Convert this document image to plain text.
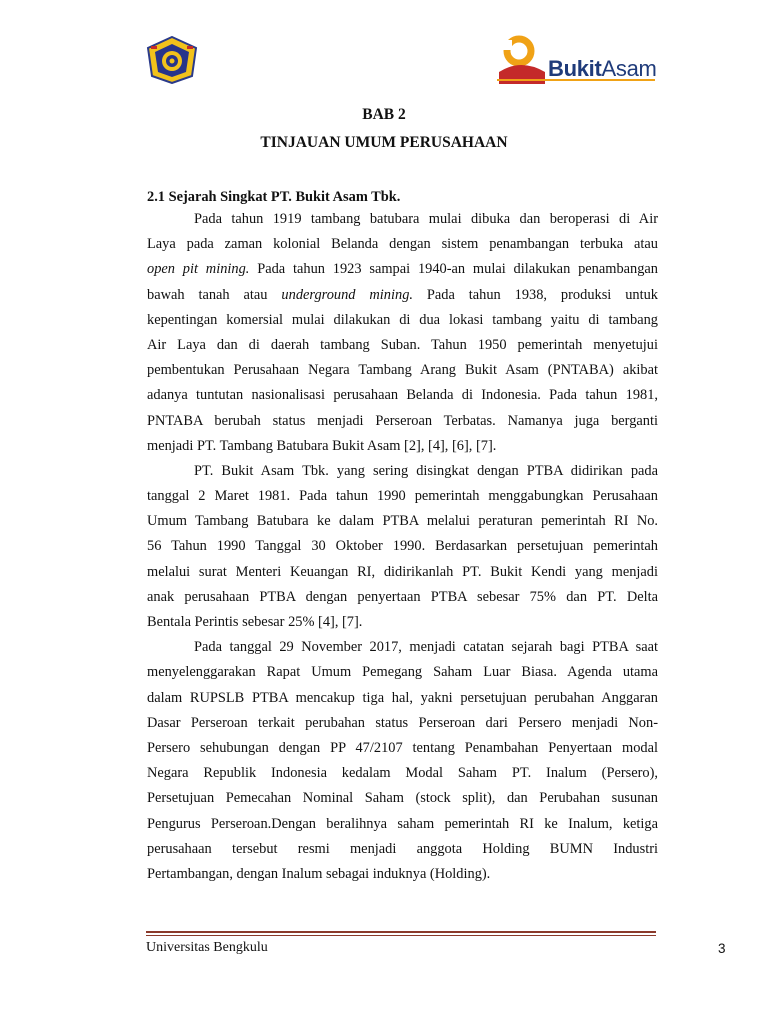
BukitAsam
BAB 2
TINJAUAN UMUM PERUSAHAAN
2.1 Sejarah Singkat PT. Bukit Asam Tbk.
Pada tahun 1919 tambang batubara mulai dibuka dan beroperasi di Air
Laya pada zaman kolonial Belanda dengan sistem penambangan terbuka atau
open pit mining. Pada tahun 1923 sampai 1940-an mulai dilakukan penambangan
bawah tanah atau underground mining. Pada tahun 1938, produksi untuk
kepentingan komersial mulai dilakukan di dua lokasi tambang yaitu di tambang
Air Laya dan di daerah tambang Suban. Tahun 1950 pemerintah menyetujui
pembentukan Perusahaan Negara Tambang Arang Bukit Asam (PNTABA) akibat
adanya tuntutan nasionalisasi perusahaan Belanda di Indonesia. Pada tahun 1981,
PNTABA berubah status menjadi Perseroan Terbatas. Namanya juga berganti
menjadi PT. Tambang Batubara Bukit Asam [2], [4], [6], [7].
PT. Bukit Asam Tbk. yang sering disingkat dengan PTBA didirikan pada
tanggal 2 Maret 1981. Pada tahun 1990 pemerintah menggabungkan Perusahaan
Umum Tambang Batubara ke dalam PTBA melalui peraturan pemerintah RI No.
56 Tahun 1990 Tanggal 30 Oktober 1990. Berdasarkan persetujuan pemerintah
melalui surat Menteri Keuangan RI, didirikanlah PT. Bukit Kendi yang menjadi
anak perusahaan PTBA dengan penyertaan PTBA sebesar 75% dan PT. Delta
Bentala Perintis sebesar 25% [4], [7].
Pada tanggal 29 November 2017, menjadi catatan sejarah bagi PTBA saat
menyelenggarakan Rapat Umum Pemegang Saham Luar Biasa. Agenda utama
dalam RUPSLB PTBA mencakup tiga hal, yakni persetujuan perubahan Anggaran
Dasar Perseroan terkait perubahan status Perseroan dari Persero menjadi Non-
Persero sehubungan dengan PP 47/2107 tentang Penambahan Penyertaan modal
Negara Republik Indonesia kedalam Modal Saham PT. Inalum (Persero),
Persetujuan Pemecahan Nominal Saham (stock split), dan Perubahan susunan
Pengurus Perseroan.Dengan beralihnya saham pemerintah RI ke Inalum, ketiga
perusahaan tersebut resmi menjadi anggota Holding BUMN Industri
Pertambangan, dengan Inalum sebagai induknya (Holding).
Universitas Bengkulu	3
